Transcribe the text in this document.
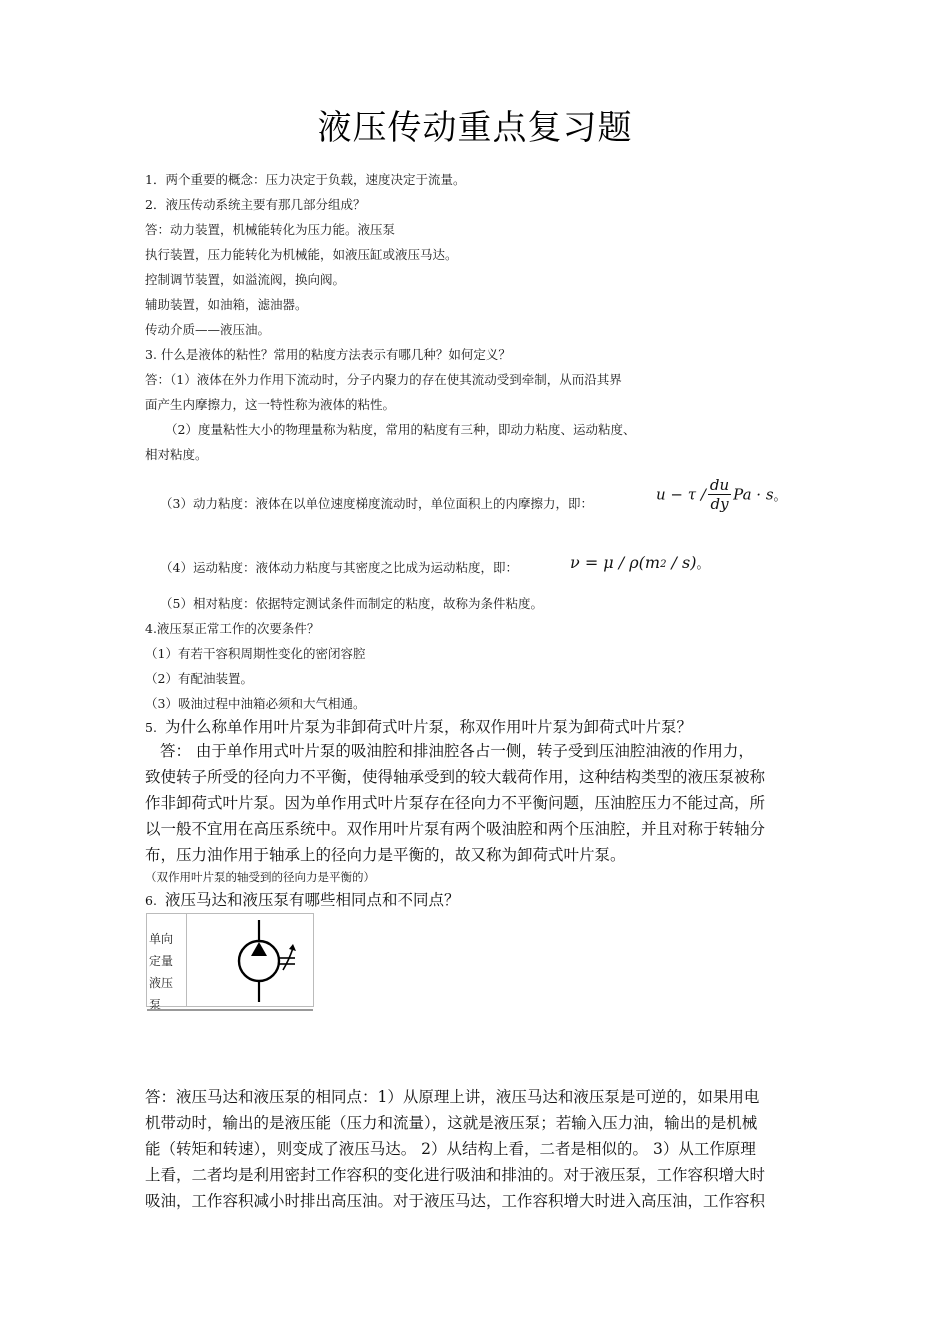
液压传动重点复习题
1．两个重要的概念：压力决定于负载，速度决定于流量。
2．液压传动系统主要有那几部分组成？
答：动力装置，机械能转化为压力能。液压泵
执行装置，压力能转化为机械能，如液压缸或液压马达。
控制调节装置，如溢流阀，换向阀。
辅助装置，如油箱，滤油器。
传动介质——液压油。
3. 什么是液体的粘性？常用的粘度方法表示有哪几种？如何定义？
答：（1）液体在外力作用下流动时，分子内聚力的存在使其流动受到牵制，从而沿其界
面产生内摩擦力，这一特性称为液体的粘性。
（2）度量粘性大小的物理量称为粘度，常用的粘度有三种，即动力粘度、运动粘度、
相对粘度。
（3）动力粘度：液体在以单位速度梯度流动时，单位面积上的内摩擦力，即：	$u - \tau / \frac{du}{dy}$ Pa · s。
（4）运动粘度：液体动力粘度与其密度之比成为运动粘度，即：	ν = μ / ρ(m2 / s)。
（5）相对粘度：依据特定测试条件而制定的粘度，故称为条件粘度。
4.液压泵正常工作的次要条件？
（1）有若干容积周期性变化的密闭容腔
（2）有配油装置。
（3）吸油过程中油箱必须和大气相通。
5. 为什么称单作用叶片泵为非卸荷式叶片泵，称双作用叶片泵为卸荷式叶片泵？
答： 由于单作用式叶片泵的吸油腔和排油腔各占一侧，转子受到压油腔油液的作用力，
致使转子所受的径向力不平衡，使得轴承受到的较大载荷作用，这种结构类型的液压泵被称
作非卸荷式叶片泵。因为单作用式叶片泵存在径向力不平衡问题，压油腔压力不能过高，所
以一般不宜用在高压系统中。双作用叶片泵有两个吸油腔和两个压油腔，并且对称于转轴分
布，压力油作用于轴承上的径向力是平衡的，故又称为卸荷式叶片泵。
（双作用叶片泵的轴受到的径向力是平衡的）
6. 液压马达和液压泵有哪些相同点和不同点？
单向定量液压泵
答：液压马达和液压泵的相同点：1）从原理上讲，液压马达和液压泵是可逆的，如果用电
机带动时，输出的是液压能（压力和流量），这就是液压泵；若输入压力油，输出的是机械
能（转矩和转速），则变成了液压马达。 2）从结构上看，二者是相似的。 3）从工作原理
上看，二者均是利用密封工作容积的变化进行吸油和排油的。对于液压泵，工作容积增大时
吸油，工作容积减小时排出高压油。对于液压马达，工作容积增大时进入高压油，工作容积
